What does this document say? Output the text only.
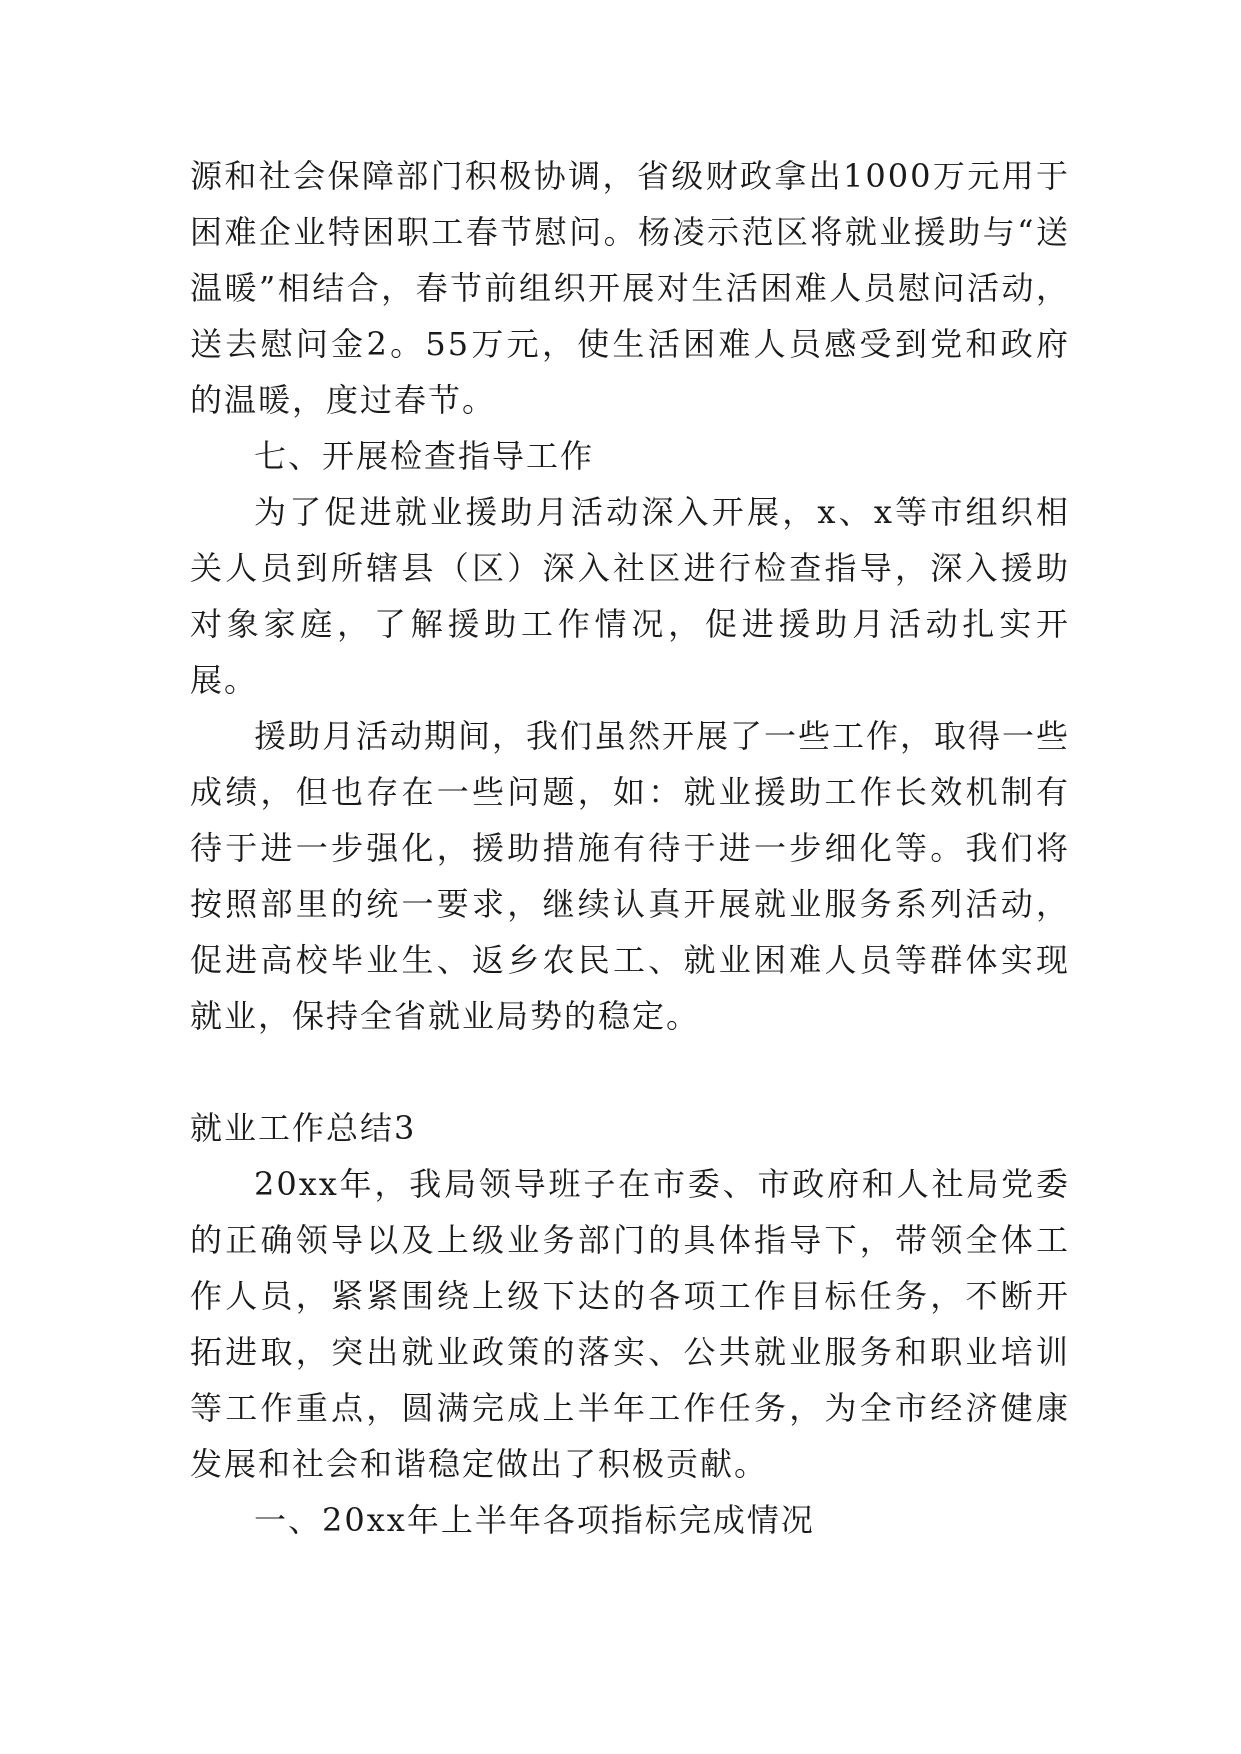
源和社会保障部门积极协调，省级财政拿出1000万元用于困难企业特困职工春节慰问。杨凌示范区将就业援助与“送温暖”相结合，春节前组织开展对生活困难人员慰问活动，送去慰问金2。55万元，使生活困难人员感受到党和政府的温暖，度过春节。

七、开展检查指导工作

为了促进就业援助月活动深入开展，x、x等市组织相关人员到所辖县（区）深入社区进行检查指导，深入援助对象家庭，了解援助工作情况，促进援助月活动扎实开展。

援助月活动期间，我们虽然开展了一些工作，取得一些成绩，但也存在一些问题，如：就业援助工作长效机制有待于进一步强化，援助措施有待于进一步细化等。我们将按照部里的统一要求，继续认真开展就业服务系列活动，促进高校毕业生、返乡农民工、就业困难人员等群体实现就业，保持全省就业局势的稳定。

就业工作总结3

20xx年，我局领导班子在市委、市政府和人社局党委的正确领导以及上级业务部门的具体指导下，带领全体工作人员，紧紧围绕上级下达的各项工作目标任务，不断开拓进取，突出就业政策的落实、公共就业服务和职业培训等工作重点，圆满完成上半年工作任务，为全市经济健康发展和社会和谐稳定做出了积极贡献。

一、20xx年上半年各项指标完成情况
